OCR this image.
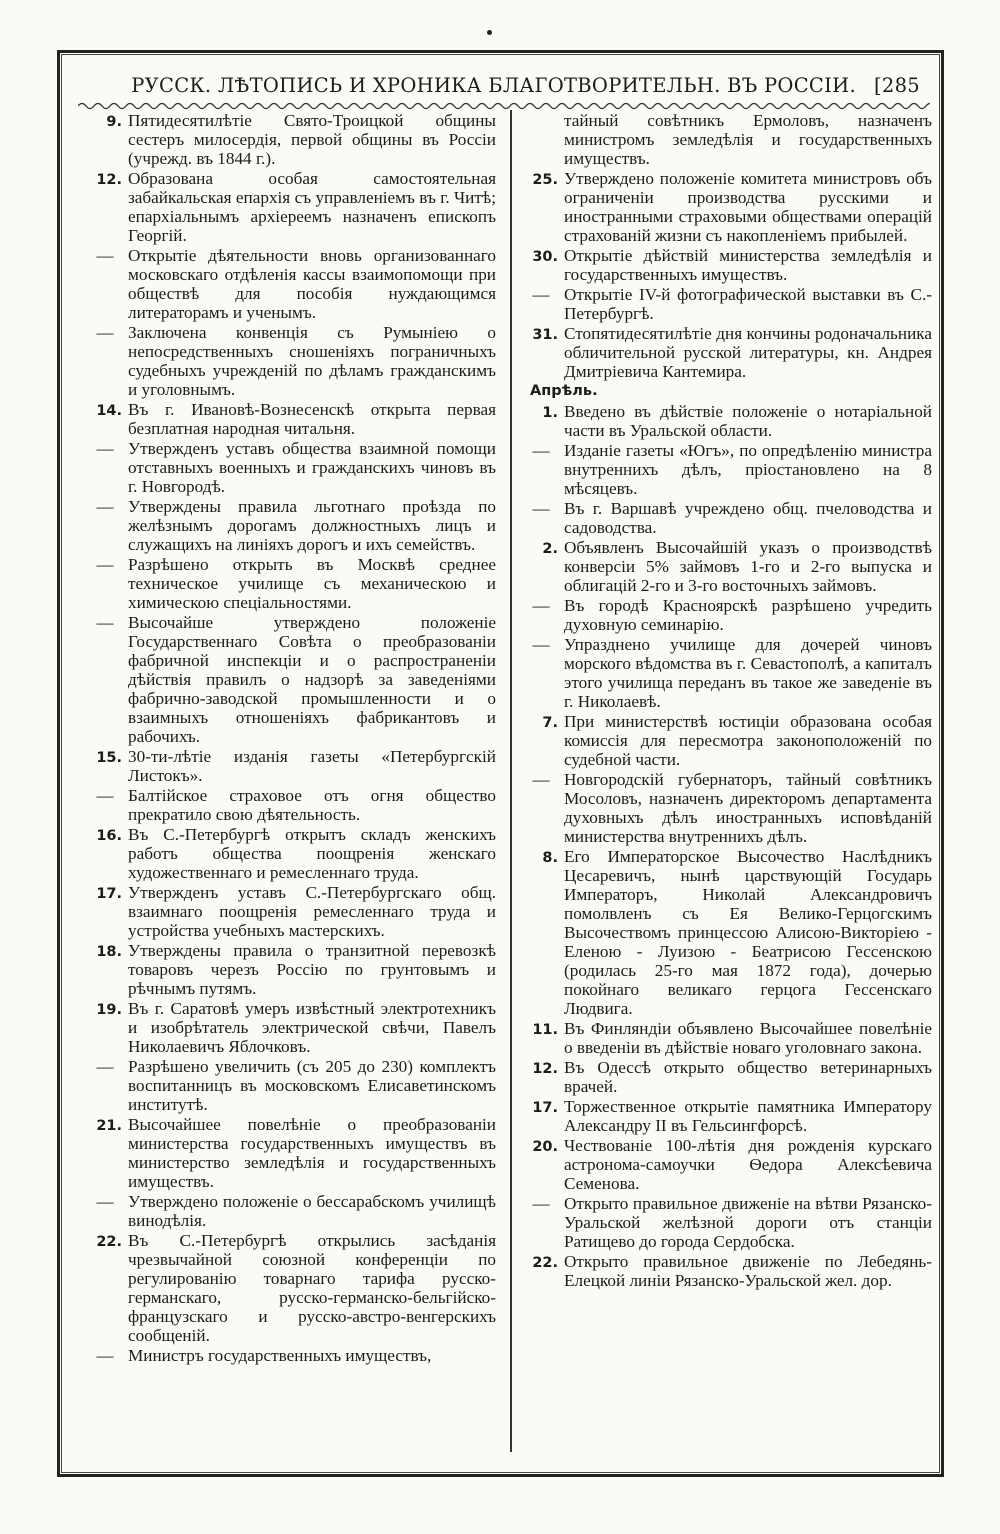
РУССК. ЛѢТОПИСЬ И ХРОНИКА БЛАГОТВОРИТЕЛЬН. ВЪ РОССІИ. [285
9. Пятидесятилѣтіе Свято-Троицкой общины сестеръ милосердія, первой общины въ Россіи (учрежд. въ 1844 г.).
12. Образована особая самостоятельная забайкальская епархія съ управленіемъ въ г. Читѣ; епархіальнымъ архіереемъ назначенъ епископъ Георгій.
— Открытіе дѣятельности вновь организованнаго московскаго отдѣленія кассы взаимопомощи при обществѣ для пособія нуждающимся литераторамъ и ученымъ.
— Заключена конвенція съ Румыніею о непосредственныхъ сношеніяхъ пограничныхъ судебныхъ учрежденій по дѣламъ гражданскимъ и уголовнымъ.
14. Въ г. Ивановѣ-Вознесенскѣ открыта первая безплатная народная читальня.
— Утвержденъ уставъ общества взаимной помощи отставныхъ военныхъ и гражданскихъ чиновъ въ г. Новгородѣ.
— Утверждены правила льготнаго проѣзда по желѣзнымъ дорогамъ должностныхъ лицъ и служащихъ на линіяхъ дорогъ и ихъ семействъ.
— Разрѣшено открыть въ Москвѣ среднее техническое училище съ механическою и химическою спеціальностями.
— Высочайше утверждено положеніе Государственнаго Совѣта о преобразованіи фабричной инспекціи и о распространеніи дѣйствія правилъ о надзорѣ за заведеніями фабрично-заводской промышленности и о взаимныхъ отношеніяхъ фабрикантовъ и рабочихъ.
15. 30-ти-лѣтіе изданія газеты «Петербургскій Листокъ».
— Балтійское страховое отъ огня общество прекратило свою дѣятельность.
16. Въ С.-Петербургѣ открытъ складъ женскихъ работъ общества поощренія женскаго художественнаго и ремесленнаго труда.
17. Утвержденъ уставъ С.-Петербургскаго общ. взаимнаго поощренія ремесленнаго труда и устройства учебныхъ мастерскихъ.
18. Утверждены правила о транзитной перевозкѣ товаровъ черезъ Россію по грунтовымъ и рѣчнымъ путямъ.
19. Въ г. Саратовѣ умеръ извѣстный электротехникъ и изобрѣтатель электрической свѣчи, Павелъ Николаевичъ Яблочковъ.
— Разрѣшено увеличить (съ 205 до 230) комплектъ воспитанницъ въ московскомъ Елисаветинскомъ институтѣ.
21. Высочайшее повелѣніе о преобразованіи министерства государственныхъ имуществъ въ министерство земледѣлія и государственныхъ имуществъ.
— Утверждено положеніе о бессарабскомъ училищѣ винодѣлія.
22. Въ С.-Петербургѣ открылись засѣданія чрезвычайной союзной конференціи по регулированію товарнаго тарифа русско-германскаго, русско-германско-бельгійско-французскаго и русско-австро-венгерскихъ сообщеній.
— Министръ государственныхъ имуществъ,
тайный совѣтникъ Ермоловъ, назначенъ министромъ земледѣлія и государственныхъ имуществъ.
25. Утверждено положеніе комитета министровъ объ ограниченіи производства русскими и иностранными страховыми обществами операцій страхованій жизни съ накопленіемъ прибылей.
30. Открытіе дѣйствій министерства земледѣлія и государственныхъ имуществъ.
— Открытіе IV-й фотографической выставки въ С.-Петербургѣ.
31. Стопятидесятилѣтіе дня кончины родоначальника обличительной русской литературы, кн. Андрея Дмитріевича Кантемира.
Апрѣль.
1. Введено въ дѣйствіе положеніе о нотаріальной части въ Уральской области.
— Изданіе газеты «Югъ», по опредѣленію министра внутреннихъ дѣлъ, пріостановлено на 8 мѣсяцевъ.
— Въ г. Варшавѣ учреждено общ. пчеловодства и садоводства.
2. Объявленъ Высочайшій указъ о производствѣ конверсіи 5% займовъ 1-го и 2-го выпуска и облигацій 2-го и 3-го восточныхъ займовъ.
— Въ городѣ Красноярскѣ разрѣшено учредить духовную семинарію.
— Упразднено училище для дочерей чиновъ морского вѣдомства въ г. Севастополѣ, а капиталъ этого училища переданъ въ такое же заведеніе въ г. Николаевѣ.
7. При министерствѣ юстиціи образована особая комиссія для пересмотра законоположеній по судебной части.
— Новгородскій губернаторъ, тайный совѣтникъ Мосоловъ, назначенъ директоромъ департамента духовныхъ дѣлъ иностранныхъ исповѣданій министерства внутреннихъ дѣлъ.
8. Его Императорское Высочество Наслѣдникъ Цесаревичъ, нынѣ царствующій Государь Императоръ, Николай Александровичъ помолвленъ съ Ея Велико-Герцогскимъ Высочествомъ принцессою Алисою-Викторіею - Еленою - Луизою - Беатрисою Гессенскою (родилась 25-го мая 1872 года), дочерью покойнаго великаго герцога Гессенскаго Людвига.
11. Въ Финляндіи объявлено Высочайшее повелѣніе о введеніи въ дѣйствіе новаго уголовнаго закона.
12. Въ Одессѣ открыто общество ветеринарныхъ врачей.
17. Торжественное открытіе памятника Императору Александру II въ Гельсингфорсѣ.
20. Чествованіе 100-лѣтія дня рожденія курскаго астронома-самоучки Ѳедора Алексѣевича Семенова.
— Открыто правильное движеніе на вѣтви Рязанско-Уральской желѣзной дороги отъ станціи Ратищево до города Сердобска.
22. Открыто правильное движеніе по Лебедянь-Елецкой линіи Рязанско-Уральской жел. дор.
